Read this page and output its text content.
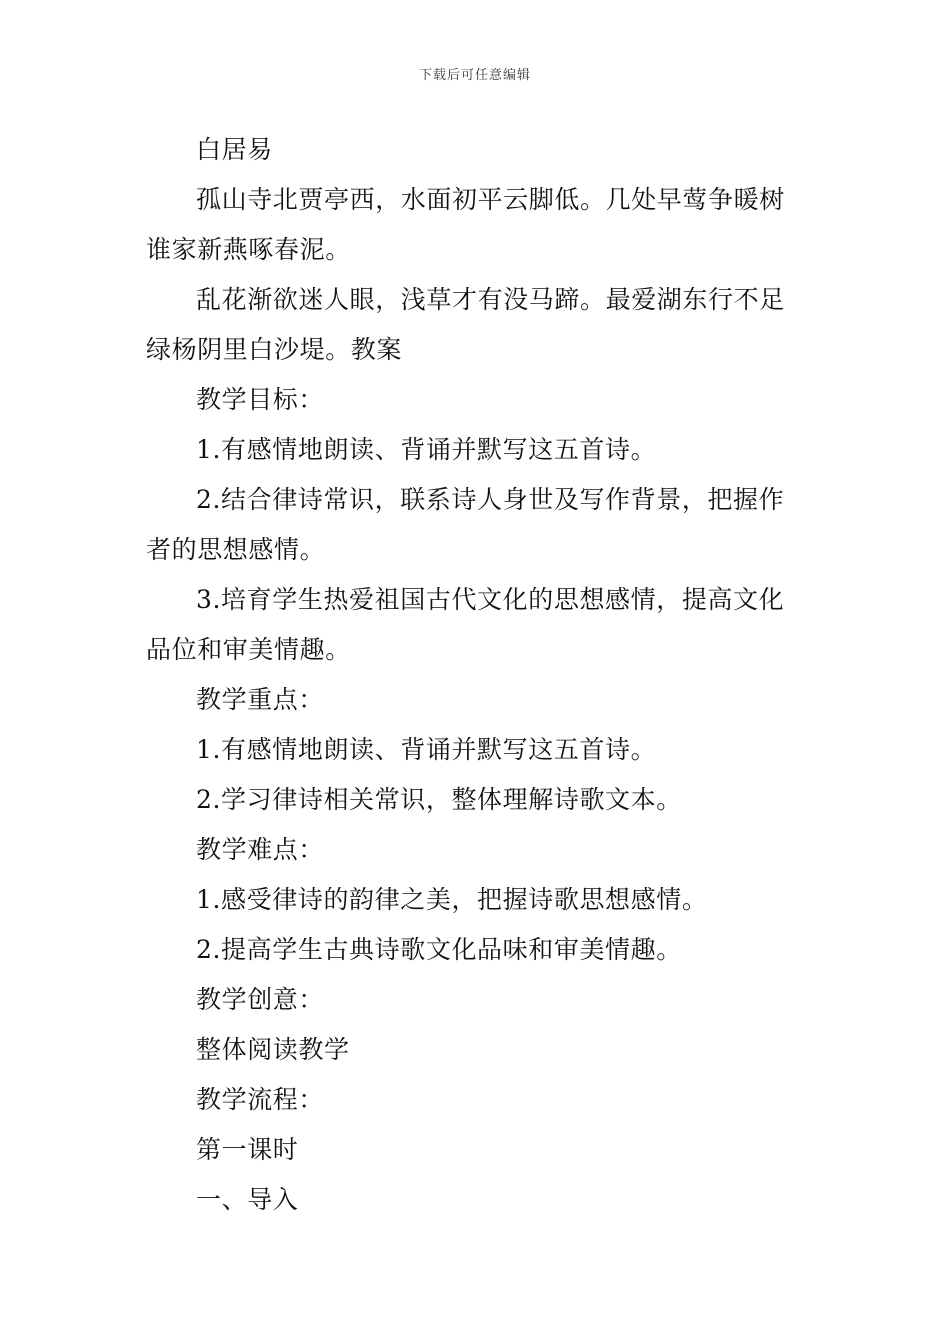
下载后可任意编辑

白居易

孤山寺北贾亭西，水面初平云脚低。几处早莺争暖树谁家新燕啄春泥。

乱花渐欲迷人眼，浅草才有没马蹄。最爱湖东行不足绿杨阴里白沙堤。教案

教学目标：

1.有感情地朗读、背诵并默写这五首诗。

2.结合律诗常识，联系诗人身世及写作背景，把握作者的思想感情。

3.培育学生热爱祖国古代文化的思想感情，提高文化品位和审美情趣。

教学重点：

1.有感情地朗读、背诵并默写这五首诗。

2.学习律诗相关常识，整体理解诗歌文本。

教学难点：

1.感受律诗的韵律之美，把握诗歌思想感情。

2.提高学生古典诗歌文化品味和审美情趣。

教学创意：

整体阅读教学

教学流程：

第一课时

一、导入
